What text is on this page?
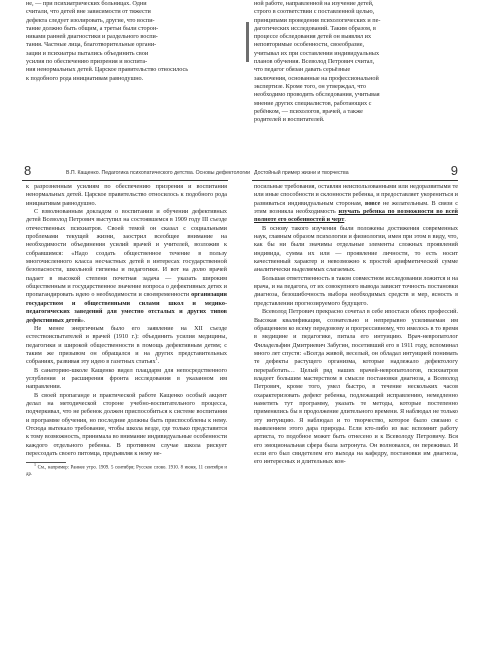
не, — при психиатрических больницах. Одни

считали, что детей вне зависимости от тяжести

дефекта следует изолировать, другие, что воспи-

тание должно быть общим, а третьи были сторон-

никами ранней диагностики и раздельного воспи-

тания. Частные лица, благотворительные органи-

зации и психиатры пытались объединить свои

усилия по обеспечению призрения и воспита-

ния ненормальных детей. Царское правительство относилось

к подобного рода инициативам равнодушно.

ной работе, направленной на изучение детей,

строго в соответствии с поставленной целью,

принципами проведения психологических и пе-

дагогических исследований. Таким образом, в

процессе обследования детей он выявлял их

неповторимые особенности, своеобразие,

учитывал их при составлении индивидуальных

планов обучения. Всеволод Петрович считал,

что педагог обязан давать серьёзные

заключения, основанные на профессиональной

экспертизе. Кроме того, он утверждал, что

необходимо проводить обследования, учитывая

мнение других специалистов, работающих с

ребёнком, — психологов, врачей, а также

родителей и воспитателей.

8	В.П. Кащенко. Педагогика психопатического детства. Основы дефектологии Достойный пример жизни и творчества	9

к разрозненным усилиям по обеспечению призрения и воспитания ненормальных детей. Царское правительство относилось к подобного рода инициативам равнодушно.

С взволнованным докладом о воспитании и обучении дефективных детей Всеволод Петрович выступил на состоявшемся в 1909 году III съезде отечественных психиатров. Своей темой он сказал с социальными проблемами текущей жизни, заострил всеобщее внимание на необходимости объединения усилий врачей и учителей, возложив к собравшимся: «Надо создать общественное течение в пользу многочисленного класса несчастных детей в интересах государственной безопасности, школьной гигиены и педагогики. И вот на долю врачей падает в высокой степени почетная задача — указать широким общественным и государственное значение вопроса о дефективных детях и пропагандировать идею о необходимости и своевременности организации государством и общественными силами школ и медико-педагогических заведений для уместно отсталых и других типов дефективных детей».

Не менее энергичным было его заявление на XII съезде естествоиспытателей и врачей (1910 г.): объединить усилия медицины, педагогики и широкой общественности в помощь дефективным детям; с таким же призывом он обращался и на других представительных собраниях, развивая эту идею в газетных статьях$^1$.

В санаторию-школе Кащенко видел плацдарм для непосредственного углубления и расширения фронта исследования в указанном им направлении.

В своей пропаганде и практической работе Кащенко особый акцент делал на методической стороне учебно-воспитательного процесса, подчеркивал, что не ребенок должен приспособиться к системе воспитания и программе обучения, но последние должны быть приспособлены к нему. Отсюда вытекало требование, чтобы школа везде, где только представится к тому возможность, принимала во внимание индивидуальные особенности каждого отдельного ребенка. В противном случае школа рискует пересоздать своего питомца, предъявляя к нему не-

$^1$ См., например: Раннее утро. 1909. 5 сентября; Русское слово. 1910. 8 июня, 11 сентября и др.

посильные требования, оставляя неиспользованными или недоразвитыми те или иные способности и склонности ребенка, и предоставляет укорениться и развиваться индивидуальным сторонам, вовсе не желательным. В связи с этим возникла необходимость изучать ребенка по возможности во всей полноте его особенностей и черт.

В основу такого изучения были положены достижения современных наук, главным образом психологии и физиологии, имея при этом в виду, что, как бы ни были значимы отдельные элементы сложных проявлений индивида, сумма их или — проявление личности, то есть носит качественный характер и невозможно к простой арифметической сумме аналитически выделяемых слагаемых.

Большая ответственность в таком совместном исследовании ложится и на врача, и на педагога, от их совокупного вывода зависит точность постановки диагноза, безошибочность выбора необходимых средств и мер, ясность в представлении прогнозируемого будущего.

Всеволод Петрович прекрасно сочетал в себе ипостаси обеих профессий. Высокая квалификация, сознательно и непрерывно усиливаемая им обращением ко всему передовому и прогрессивному, что имелось в то время в медицине и педагогике, питала его интуицию. Врач-невропатолог Филадельфин Дмитриевич Забугин, посетивший его в 1911 году, вспоминал много лет спустя: «Всегда живой, веселый, он обладал интуицией понимать те дефекты растущего организма, которые надлежало дефектологу переработать… Целый ряд наших врачей-невропатологов, психиатров владеет большим мастерством в смысле постановки диагноза, а Всеволод Петрович, кроме того, умел быстро, в течение нескольких часов охарактеризовать дефект ребенка, подлежащий исправлению, немедленно наметить тут программу, указать те методы, которые постепенно применялись бы в продолжение длительного времени. Я наблюдал не только эту интуицию. Я наблюдал и то творчество, которое было связано с выявлением этого дара природы. Если кто-либо из вас вспомнит работу артиста, то подобное может быть отнесено и к Всеволоду Петровичу. Вся его эмоциональная сфера была затронута. Он волновался, он переживал. И если его был свидетелем его выхода на кафедру, постановки им диагноза, его интересных и длительных кон-
